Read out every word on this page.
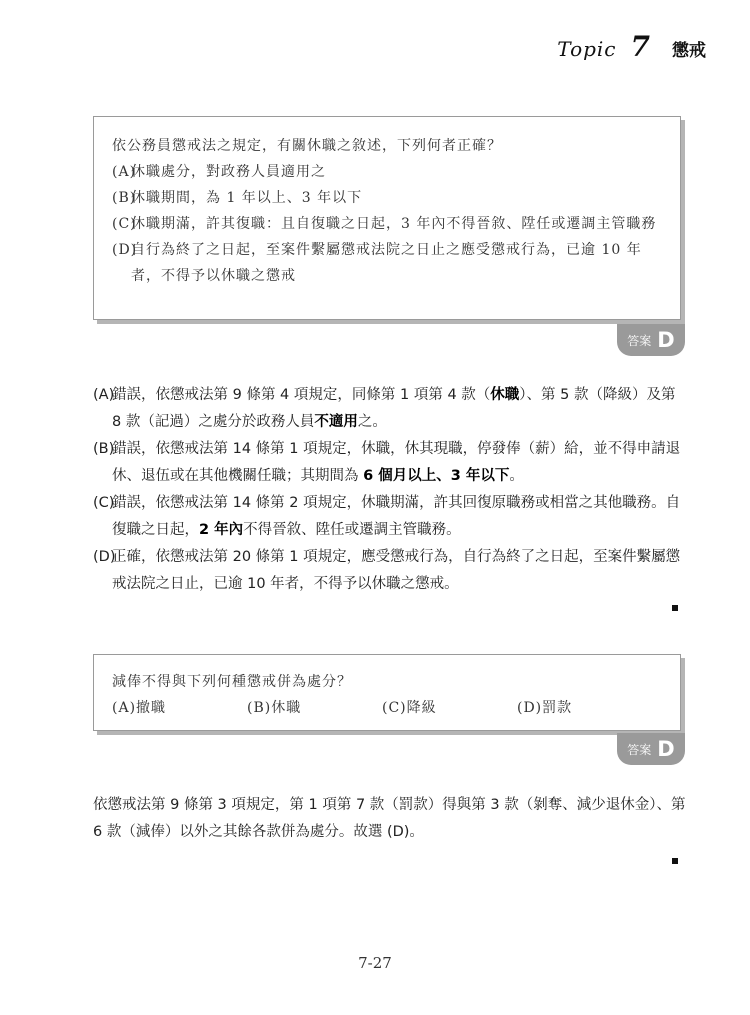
Topic 7 懲戒
依公務員懲戒法之規定，有關休職之敘述，下列何者正確？
(A)休職處分，對政務人員適用之
(B)休職期間，為 1 年以上、3 年以下
(C)休職期滿，許其復職：且自復職之日起，3 年內不得晉敘、陞任或遷調主管職務
(D)自行為終了之日起，至案件繫屬懲戒法院之日止之應受懲戒行為，已逾 10 年者，不得予以休職之懲戒
答案 D
(A)錯誤，依懲戒法第 9 條第 4 項規定，同條第 1 項第 4 款（休職）、第 5 款（降級）及第 8 款（記過）之處分於政務人員不適用之。
(B)錯誤，依懲戒法第 14 條第 1 項規定，休職，休其現職，停發俸（薪）給，並不得申請退休、退伍或在其他機關任職；其期間為 6 個月以上、3 年以下。
(C)錯誤，依懲戒法第 14 條第 2 項規定，休職期滿，許其回復原職務或相當之其他職務。自復職之日起，2 年內不得晉敘、陞任或遷調主管職務。
(D)正確，依懲戒法第 20 條第 1 項規定，應受懲戒行為，自行為終了之日起，至案件繫屬懲戒法院之日止，已逾 10 年者，不得予以休職之懲戒。
減俸不得與下列何種懲戒併為處分？
(A)撤職	(B)休職	(C)降級	(D)罰款
答案 D
依懲戒法第 9 條第 3 項規定，第 1 項第 7 款（罰款）得與第 3 款（剝奪、減少退休金）、第 6 款（減俸）以外之其餘各款併為處分。故選 (D)。
7-27
